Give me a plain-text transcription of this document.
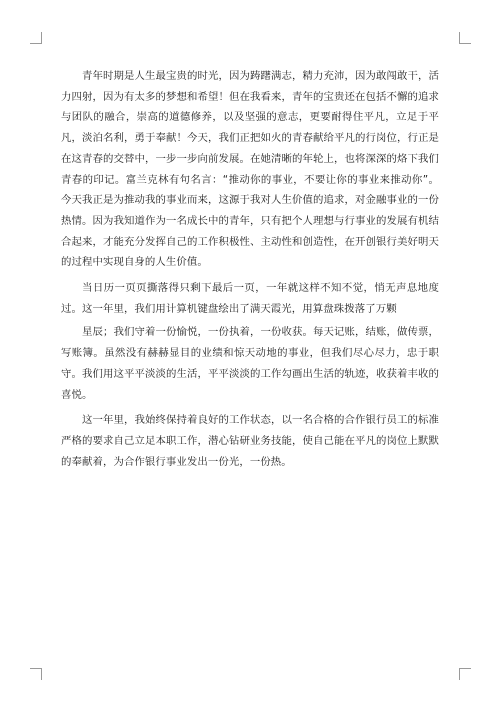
青年时期是人生最宝贵的时光，因为踌躇满志，精力充沛，因为敢闯敢干，活力四射，因为有太多的梦想和希望！但在我看来，青年的宝贵还在包括不懈的追求与团队的融合，崇高的道德修养，以及坚强的意志，更要耐得住平凡，立足于平凡，淡泊名利，勇于奉献！今天，我们正把如火的青春献给平凡的行岗位，行正是在这青春的交替中，一步一步向前发展。在她清晰的年轮上，也将深深的烙下我们青春的印记。富兰克林有句名言：“推动你的事业，不要让你的事业来推动你”。今天我正是为推动我的事业而来，这源于我对人生价值的追求，对金融事业的一份热情。因为我知道作为一名成长中的青年，只有把个人理想与行事业的发展有机结合起来，才能充分发挥自己的工作积极性、主动性和创造性，在开创银行美好明天的过程中实现自身的人生价值。

当日历一页页撕落得只剩下最后一页，一年就这样不知不觉，悄无声息地度过。这一年里，我们用计算机键盘绘出了满天霞光，用算盘珠拨落了万颗

星辰；我们守着一份愉悦，一份执着，一份收获。每天记账，结账，做传票，写账簿。虽然没有赫赫显目的业绩和惊天动地的事业，但我们尽心尽力，忠于职守。我们用这平平淡淡的生活，平平淡淡的工作勾画出生活的轨迹，收获着丰收的喜悦。

这一年里，我始终保持着良好的工作状态，以一名合格的合作银行员工的标准严格的要求自己立足本职工作，潜心钻研业务技能，使自己能在平凡的岗位上默默的奉献着，为合作银行事业发出一份光，一份热。
